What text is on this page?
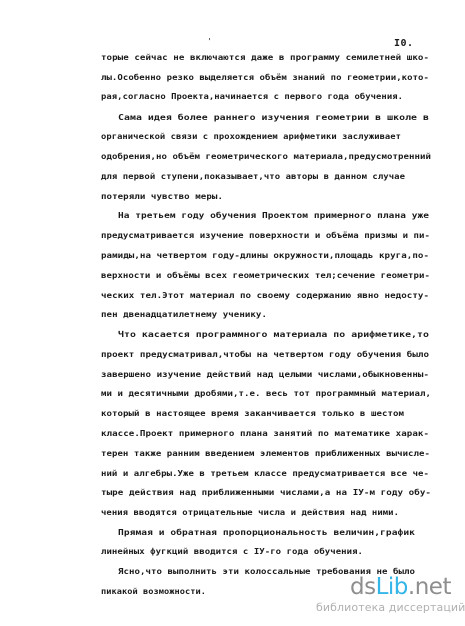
I0.
'
торые сейчас не включаются даже в программу семилетней шко-
лы.Особенно резко выделяется объём знаний по геометрии,кото-
рая,согласно Проекта,начинается с первого года обучения.
Сама идея более раннего изучения геометрии в школе в
органической связи с прохождением арифметики заслуживает
одобрения,но объём геометрического материала,предусмотренний
для первой ступени,показывает,что авторы в данном случае
потеряли чувство меры.
На третьем году обучения Проектом примерного плана уже
предусматривается изучение поверхности и объёма призмы и пи-
рамиды,на четвертом году-длины окружности,площадь круга,по-
верхности и объёмы всех геометрических тел;сечение геометри-
ческих тел.Этот материал по своему содержанию явно недосту-
пен двенадцатилетнему ученику.
Что касается программного материала по арифметике,то
проект предусматривал,чтобы на четвертом году обучения было
завершено изучение действий над целыми числами,обыкновенны-
ми и десятичными дробями,т.е. весь тот программный материал,
который в настоящее время заканчивается только в шестом
классе.Проект примерного плана занятий по математике харак-
терен также ранним введением элементов приближенных вычисле-
ний и алгебры.Уже в третьем классе предусматривается все че-
тыре действия над приближенными числами,а на IУ-м году обу-
чения вводятся отрицательные числа и действия над ними.
Прямая и обратная пропорциональность величин,график
линейных фугкций вводится с IУ-го года обучения.
Ясно,что выполнить эти колоссальные требования не было
пикакой возможности.	dsLib.net
библиотека диссертаций
